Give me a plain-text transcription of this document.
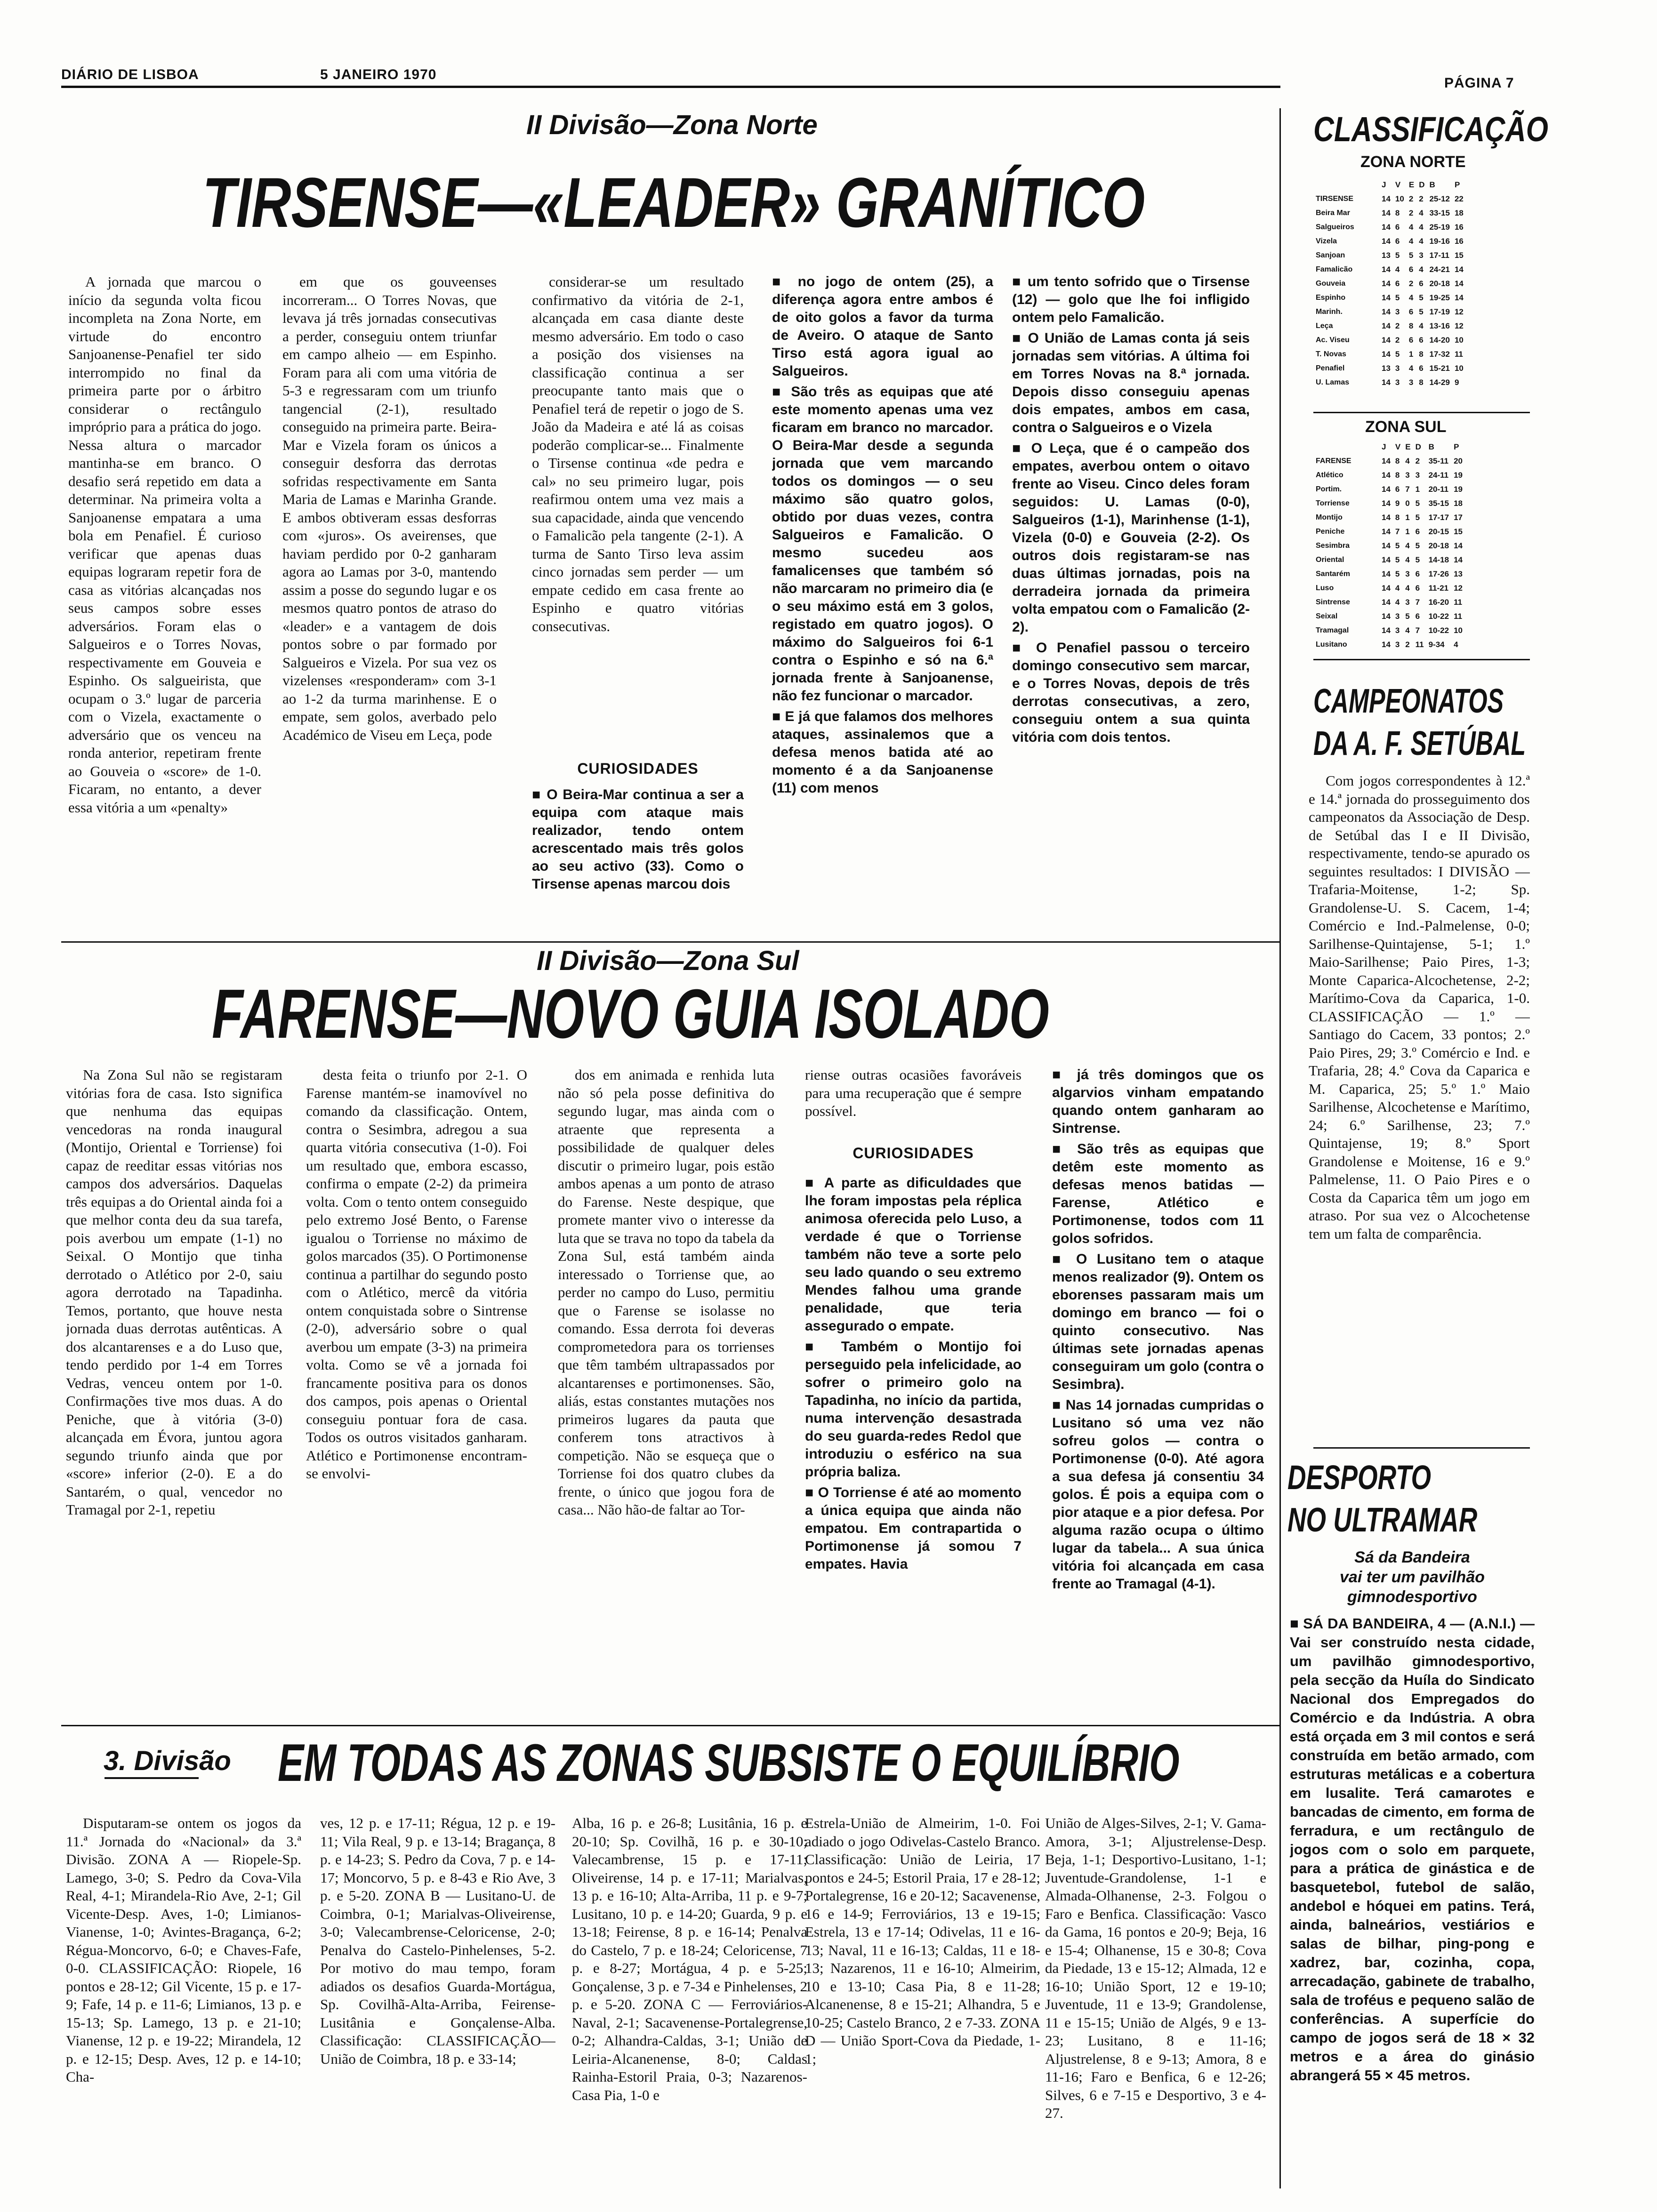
DIÁRIO DE LISBOA	5 JANEIRO 1970
PÁGINA 7
II Divisão—Zona Norte
TIRSENSE—«LEADER» GRANÍTICO

A jornada que marcou o início da segunda volta ficou incompleta na Zona Norte, em virtude do encontro Sanjoanense-Penafiel ter sido interrompido no final da primeira parte por o árbitro considerar o rectângulo impróprio para a prática do jogo. Nessa altura o marcador mantinha-se em branco. O desafio será repetido em data a determinar. Na primeira volta a Sanjoanense empatara a uma bola em Penafiel. É curioso verificar que apenas duas equipas lograram repetir fora de casa as vitórias alcançadas nos seus campos sobre esses adversários. Foram elas o Salgueiros e o Torres Novas, respectivamente em Gouveia e Espinho. Os salgueirista, que ocupam o 3.º lugar de parceria com o Vizela, exactamente o adversário que os venceu na ronda anterior, repetiram frente ao Gouveia o «score» de 1-0. Ficaram, no entanto, a dever essa vitória a um «penalty»

em que os gouveenses incorreram... O Torres Novas, que levava já três jornadas consecutivas a perder, conseguiu ontem triunfar em campo alheio — em Espinho. Foram para ali com uma vitória de 5-3 e regressaram com um triunfo tangencial (2-1), resultado conseguido na primeira parte. Beira-Mar e Vizela foram os únicos a conseguir desforra das derrotas sofridas respectivamente em Santa Maria de Lamas e Marinha Grande. E ambos obtiveram essas desforras com «juros». Os aveirenses, que haviam perdido por 0-2 ganharam agora ao Lamas por 3-0, mantendo assim a posse do segundo lugar e os mesmos quatro pontos de atraso do «leader» e a vantagem de dois pontos sobre o par formado por Salgueiros e Vizela. Por sua vez os vizelenses «responderam» com 3-1 ao 1-2 da turma marinhense. E o empate, sem golos, averbado pelo Académico de Viseu em Leça, pode

considerar-se um resultado confirmativo da vitória de 2-1, alcançada em casa diante deste mesmo adversário. Em todo o caso a posição dos visienses na classificação continua a ser preocupante tanto mais que o Penafiel terá de repetir o jogo de S. João da Madeira e até lá as coisas poderão complicar-se... Finalmente o Tirsense continua «de pedra e cal» no seu primeiro lugar, pois reafirmou ontem uma vez mais a sua capacidade, ainda que vencendo o Famalicão pela tangente (2-1). A turma de Santo Tirso leva assim cinco jornadas sem perder — um empate cedido em casa frente ao Espinho e quatro vitórias consecutivas.

CURIOSIDADES

■ O Beira-Mar continua a ser a equipa com ataque mais realizador, tendo ontem acrescentado mais três golos ao seu activo (33). Como o Tirsense apenas marcou dois

■ no jogo de ontem (25), a diferença agora entre ambos é de oito golos a favor da turma de Aveiro. O ataque de Santo Tirso está agora igual ao Salgueiros.

■ São três as equipas que até este momento apenas uma vez ficaram em branco no marcador. O Beira-Mar desde a segunda jornada que vem marcando todos os domingos — o seu máximo são quatro golos, obtido por duas vezes, contra Salgueiros e Famalicão. O mesmo sucedeu aos famalicenses que também só não marcaram no primeiro dia (e o seu máximo está em 3 golos, registado em quatro jogos). O máximo do Salgueiros foi 6-1 contra o Espinho e só na 6.ª jornada frente à Sanjoanense, não fez funcionar o marcador.

■ E já que falamos dos melhores ataques, assinalemos que a defesa menos batida até ao momento é a da Sanjoanense (11) com menos

■ um tento sofrido que o Tirsense (12) — golo que lhe foi infligido ontem pelo Famalicão.

■ O União de Lamas conta já seis jornadas sem vitórias. A última foi em Torres Novas na 8.ª jornada. Depois disso conseguiu apenas dois empates, ambos em casa, contra o Salgueiros e o Vizela

■ O Leça, que é o campeão dos empates, averbou ontem o oitavo frente ao Viseu. Cinco deles foram seguidos: U. Lamas (0-0), Salgueiros (1-1), Marinhense (1-1), Vizela (0-0) e Gouveia (2-2). Os outros dois registaram-se nas duas últimas jornadas, pois na derradeira jornada da primeira volta empatou com o Famalicão (2-2).

■ O Penafiel passou o terceiro domingo consecutivo sem marcar, e o Torres Novas, depois de três derrotas consecutivas, a zero, conseguiu ontem a sua quinta vitória com dois tentos.

II Divisão—Zona Sul
FARENSE—NOVO GUIA ISOLADO

Na Zona Sul não se registaram vitórias fora de casa. Isto significa que nenhuma das equipas vencedoras na ronda inaugural (Montijo, Oriental e Torriense) foi capaz de reeditar essas vitórias nos campos dos adversários. Daquelas três equipas a do Oriental ainda foi a que melhor conta deu da sua tarefa, pois averbou um empate (1-1) no Seixal. O Montijo que tinha derrotado o Atlético por 2-0, saiu agora derrotado na Tapadinha. Temos, portanto, que houve nesta jornada duas derrotas autênticas. A dos alcantarenses e a do Luso que, tendo perdido por 1-4 em Torres Vedras, venceu ontem por 1-0. Confirmações tive mos duas. A do Peniche, que à vitória (3-0) alcançada em Évora, juntou agora segundo triunfo ainda que por «score» inferior (2-0). E a do Santarém, o qual, vencedor no Tramagal por 2-1, repetiu

desta feita o triunfo por 2-1. O Farense mantém-se inamovível no comando da classificação. Ontem, contra o Sesimbra, adregou a sua quarta vitória consecutiva (1-0). Foi um resultado que, embora escasso, confirma o empate (2-2) da primeira volta. Com o tento ontem conseguido pelo extremo José Bento, o Farense igualou o Torriense no máximo de golos marcados (35). O Portimonense continua a partilhar do segundo posto com o Atlético, mercê da vitória ontem conquistada sobre o Sintrense (2-0), adversário sobre o qual averbou um empate (3-3) na primeira volta. Como se vê a jornada foi francamente positiva para os donos dos campos, pois apenas o Oriental conseguiu pontuar fora de casa. Todos os outros visitados ganharam. Atlético e Portimonense encontram-se envolvi-

dos em animada e renhida luta não só pela posse definitiva do segundo lugar, mas ainda com o atraente que representa a possibilidade de qualquer deles discutir o primeiro lugar, pois estão ambos apenas a um ponto de atraso do Farense. Neste despique, que promete manter vivo o interesse da luta que se trava no topo da tabela da Zona Sul, está também ainda interessado o Torriense que, ao perder no campo do Luso, permitiu que o Farense se isolasse no comando. Essa derrota foi deveras comprometedora para os torrienses que têm também ultrapassados por alcantarenses e portimonenses. São, aliás, estas constantes mutações nos primeiros lugares da pauta que conferem tons atractivos à competição. Não se esqueça que o Torriense foi dos quatro clubes da frente, o único que jogou fora de casa... Não hão-de faltar ao Tor-

riense outras ocasiões favoráveis para uma recuperação que é sempre possível.

CURIOSIDADES

■ A parte as dificuldades que lhe foram impostas pela réplica animosa oferecida pelo Luso, a verdade é que o Torriense também não teve a sorte pelo seu lado quando o seu extremo Mendes falhou uma grande penalidade, que teria assegurado o empate.

■ Também o Montijo foi perseguido pela infelicidade, ao sofrer o primeiro golo na Tapadinha, no início da partida, numa intervenção desastrada do seu guarda-redes Redol que introduziu o esférico na sua própria baliza.

■ O Torriense é até ao momento a única equipa que ainda não empatou. Em contrapartida o Portimonense já somou 7 empates. Havia

■ já três domingos que os algarvios vinham empatando quando ontem ganharam ao Sintrense.

■ São três as equipas que detêm este momento as defesas menos batidas — Farense, Atlético e Portimonense, todos com 11 golos sofridos.

■ O Lusitano tem o ataque menos realizador (9). Ontem os eborenses passaram mais um domingo em branco — foi o quinto consecutivo. Nas últimas sete jornadas apenas conseguiram um golo (contra o Sesimbra).

■ Nas 14 jornadas cumpridas o Lusitano só uma vez não sofreu golos — contra o Portimonense (0-0). Até agora a sua defesa já consentiu 34 golos. É pois a equipa com o pior ataque e a pior defesa. Por alguma razão ocupa o último lugar da tabela... A sua única vitória foi alcançada em casa frente ao Tramagal (4-1).

3. Divisão EM TODAS AS ZONAS SUBSISTE O EQUILÍBRIO

Disputaram-se ontem os jogos da 11.ª Jornada do «Nacional» da 3.ª Divisão. ZONA A — Riopele-Sp. Lamego, 3-0; S. Pedro da Cova-Vila Real, 4-1; Mirandela-Rio Ave, 2-1; Gil Vicente-Desp. Aves, 1-0; Limianos-Vianense, 1-0; Avintes-Bragança, 6-2; Régua-Moncorvo, 6-0; e Chaves-Fafe, 0-0. CLASSIFICAÇÃO: Riopele, 16 pontos e 28-12; Gil Vicente, 15 p. e 17-9; Fafe, 14 p. e 11-6; Limianos, 13 p. e 15-13; Sp. Lamego, 13 p. e 21-10; Vianense, 12 p. e 19-22; Mirandela, 12 p. e 12-15; Desp. Aves, 12 p. e 14-10; Cha-

ves, 12 p. e 17-11; Régua, 12 p. e 19-11; Vila Real, 9 p. e 13-14; Bragança, 8 p. e 14-23; S. Pedro da Cova, 7 p. e 14-17; Moncorvo, 5 p. e 8-43 e Rio Ave, 3 p. e 5-20. ZONA B — Lusitano-U. de Coimbra, 0-1; Marialvas-Oliveirense, 3-0; Valecambrense-Celoricense, 2-0; Penalva do Castelo-Pinhelenses, 5-2. Por motivo do mau tempo, foram adiados os desafios Guarda-Mortágua, Sp. Covilhã-Alta-Arriba, Feirense-Lusitânia e Gonçalense-Alba. Classificação: CLASSIFICAÇÃO—União de Coimbra, 18 p. e 33-14;

Alba, 16 p. e 26-8; Lusitânia, 16 p. e 20-10; Sp. Covilhã, 16 p. e 30-10; Valecambrense, 15 p. e 17-11; Oliveirense, 14 p. e 17-11; Marialvas, 13 p. e 16-10; Alta-Arriba, 11 p. e 9-7; Lusitano, 10 p. e 14-20; Guarda, 9 p. e 13-18; Feirense, 8 p. e 16-14; Penalva do Castelo, 7 p. e 18-24; Celoricense, 7 p. e 8-27; Mortágua, 4 p. e 5-25; Gonçalense, 3 p. e 7-34 e Pinhelenses, 2 p. e 5-20. ZONA C — Ferroviários-Naval, 2-1; Sacavenense-Portalegrense, 0-2; Alhandra-Caldas, 3-1; União de Leiria-Alcanenense, 8-0; Caldas Rainha-Estoril Praia, 0-3; Nazarenos-Casa Pia, 1-0 e

Estrela-União de Almeirim, 1-0. Foi adiado o jogo Odivelas-Castelo Branco. Classificação: União de Leiria, 17 pontos e 24-5; Estoril Praia, 17 e 28-12; Portalegrense, 16 e 20-12; Sacavenense, 16 e 14-9; Ferroviários, 13 e 19-15; Estrela, 13 e 17-14; Odivelas, 11 e 16-13; Naval, 11 e 16-13; Caldas, 11 e 18-13; Nazarenos, 11 e 16-10; Almeirim, 10 e 13-10; Casa Pia, 8 e 11-28; Alcanenense, 8 e 15-21; Alhandra, 5 e 10-25; Castelo Branco, 2 e 7-33. ZONA D — União Sport-Cova da Piedade, 1-1;

União de Alges-Silves, 2-1; V. Gama-Amora, 3-1; Aljustrelense-Desp. Beja, 1-1; Desportivo-Lusitano, 1-1; Juventude-Grandolense, 1-1 e Almada-Olhanense, 2-3. Folgou o Faro e Benfica. Classificação: Vasco da Gama, 16 pontos e 20-9; Beja, 16 e 15-4; Olhanense, 15 e 30-8; Cova da Piedade, 13 e 15-12; Almada, 12 e 16-10; União Sport, 12 e 19-10; Juventude, 11 e 13-9; Grandolense, 11 e 15-15; União de Algés, 9 e 13-23; Lusitano, 8 e 11-16; Aljustrelense, 8 e 9-13; Amora, 8 e 11-16; Faro e Benfica, 6 e 12-26; Silves, 6 e 7-15 e Desportivo, 3 e 4-27.

CLASSIFICAÇÃO
ZONA NORTE
	J	V	E	D	B	P
TIRSENSE	14	10	2	2	25-12	22
Beira Mar	14	8	2	4	33-15	18
Salgueiros	14	6	4	4	25-19	16
Vizela	14	6	4	4	19-16	16
Sanjoan	13	5	5	3	17-11	15
Famalicão	14	4	6	4	24-21	14
Gouveia	14	6	2	6	20-18	14
Espinho	14	5	4	5	19-25	14
Marinh.	14	3	6	5	17-19	12
Leça	14	2	8	4	13-16	12
Ac. Viseu	14	2	6	6	14-20	10
T. Novas	14	5	1	8	17-32	11
Penafiel	13	3	4	6	15-21	10
U. Lamas	14	3	3	8	14-29	9
ZONA SUL
	J	V	E	D	B	P
FARENSE	14	8	4	2	35-11	20
Atlético	14	8	3	3	24-11	19
Portim.	14	6	7	1	20-11	19
Torriense	14	9	0	5	35-15	18
Montijo	14	8	1	5	17-17	17
Peniche	14	7	1	6	20-15	15
Sesimbra	14	5	4	5	20-18	14
Oriental	14	5	4	5	14-18	14
Santarém	14	5	3	6	17-26	13
Luso	14	4	4	6	11-21	12
Sintrense	14	4	3	7	16-20	11
Seixal	14	3	5	6	10-22	11
Tramagal	14	3	4	7	10-22	10
Lusitano	14	3	2	11	9-34	4
CAMPEONATOS
DA A. F. SETÚBAL

Com jogos correspondentes à 12.ª e 14.ª jornada do prosseguimento dos campeonatos da Associação de Desp. de Setúbal das I e II Divisão, respectivamente, tendo-se apurado os seguintes resultados: I DIVISÃO — Trafaria-Moitense, 1-2; Sp. Grandolense-U. S. Cacem, 1-4; Comércio e Ind.-Palmelense, 0-0; Sarilhense-Quintajense, 5-1; 1.º Maio-Sarilhense; Paio Pires, 1-3; Monte Caparica-Alcochetense, 2-2; Marítimo-Cova da Caparica, 1-0. CLASSIFICAÇÃO — 1.º — Santiago do Cacem, 33 pontos; 2.º Paio Pires, 29; 3.º Comércio e Ind. e Trafaria, 28; 4.º Cova da Caparica e M. Caparica, 25; 5.º 1.º Maio Sarilhense, Alcochetense e Marítimo, 24; 6.º Sarilhense, 23; 7.º Quintajense, 19; 8.º Sport Grandolense e Moitense, 16 e 9.º Palmelense, 11. O Paio Pires e o Costa da Caparica têm um jogo em atraso. Por sua vez o Alcochetense tem um falta de comparência.

DESPORTO
NO ULTRAMAR
Sá da Bandeira
vai ter um pavilhão
gimnodesportivo

■ SÁ DA BANDEIRA, 4 — (A.N.I.) — Vai ser construído nesta cidade, um pavilhão gimnodesportivo, pela secção da Huíla do Sindicato Nacional dos Empregados do Comércio e da Indústria. A obra está orçada em 3 mil contos e será construída em betão armado, com estruturas metálicas e a cobertura em lusalite. Terá camarotes e bancadas de cimento, em forma de ferradura, e um rectângulo de jogos com o solo em parquete, para a prática de ginástica e de basquetebol, futebol de salão, andebol e hóquei em patins. Terá, ainda, balneários, vestiários e salas de bilhar, ping-pong e xadrez, bar, cozinha, copa, arrecadação, gabinete de trabalho, sala de troféus e pequeno salão de conferências. A superfície do campo de jogos será de 18 × 32 metros e a área do ginásio abrangerá 55 × 45 metros.
